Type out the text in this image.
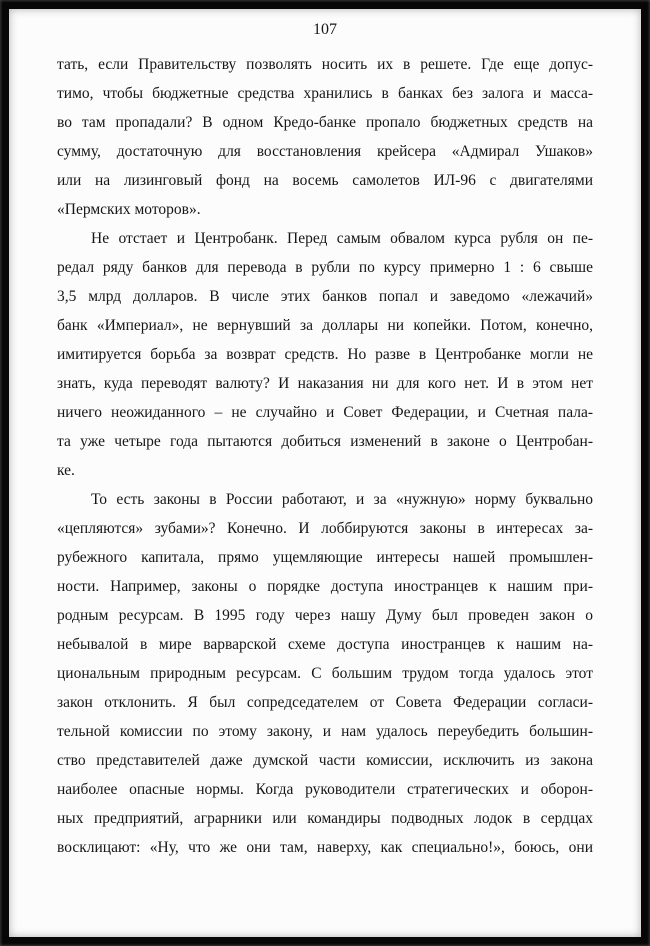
107
тать, если Правительству позволять носить их в решете. Где еще допус-
тимо, чтобы бюджетные средства хранились в банках без залога и масса-
во там пропадали? В одном Кредо-банке пропало бюджетных средств на
сумму, достаточную для восстановления крейсера «Адмирал Ушаков»
или на лизинговый фонд на восемь самолетов ИЛ-96 с двигателями
«Пермских моторов».
Не отстает и Центробанк. Перед самым обвалом курса рубля он пе-
редал ряду банков для перевода в рубли по курсу примерно 1 : 6 свыше
3,5 млрд долларов. В числе этих банков попал и заведомо «лежачий»
банк «Империал», не вернувший за доллары ни копейки. Потом, конечно,
имитируется борьба за возврат средств. Но разве в Центробанке могли не
знать, куда переводят валюту? И наказания ни для кого нет. И в этом нет
ничего неожиданного – не случайно и Совет Федерации, и Счетная пала-
та уже четыре года пытаются добиться изменений в законе о Центробан-
ке.
То есть законы в России работают, и за «нужную» норму буквально
«цепляются» зубами»? Конечно. И лоббируются законы в интересах за-
рубежного капитала, прямо ущемляющие интересы нашей промышлен-
ности. Например, законы о порядке доступа иностранцев к нашим при-
родным ресурсам. В 1995 году через нашу Думу был проведен закон о
небывалой в мире варварской схеме доступа иностранцев к нашим на-
циональным природным ресурсам. С большим трудом тогда удалось этот
закон отклонить. Я был сопредседателем от Совета Федерации согласи-
тельной комиссии по этому закону, и нам удалось переубедить большин-
ство представителей даже думской части комиссии, исключить из закона
наиболее опасные нормы. Когда руководители стратегических и оборон-
ных предприятий, аграрники или командиры подводных лодок в сердцах
восклицают: «Ну, что же они там, наверху, как специально!», боюсь, они
